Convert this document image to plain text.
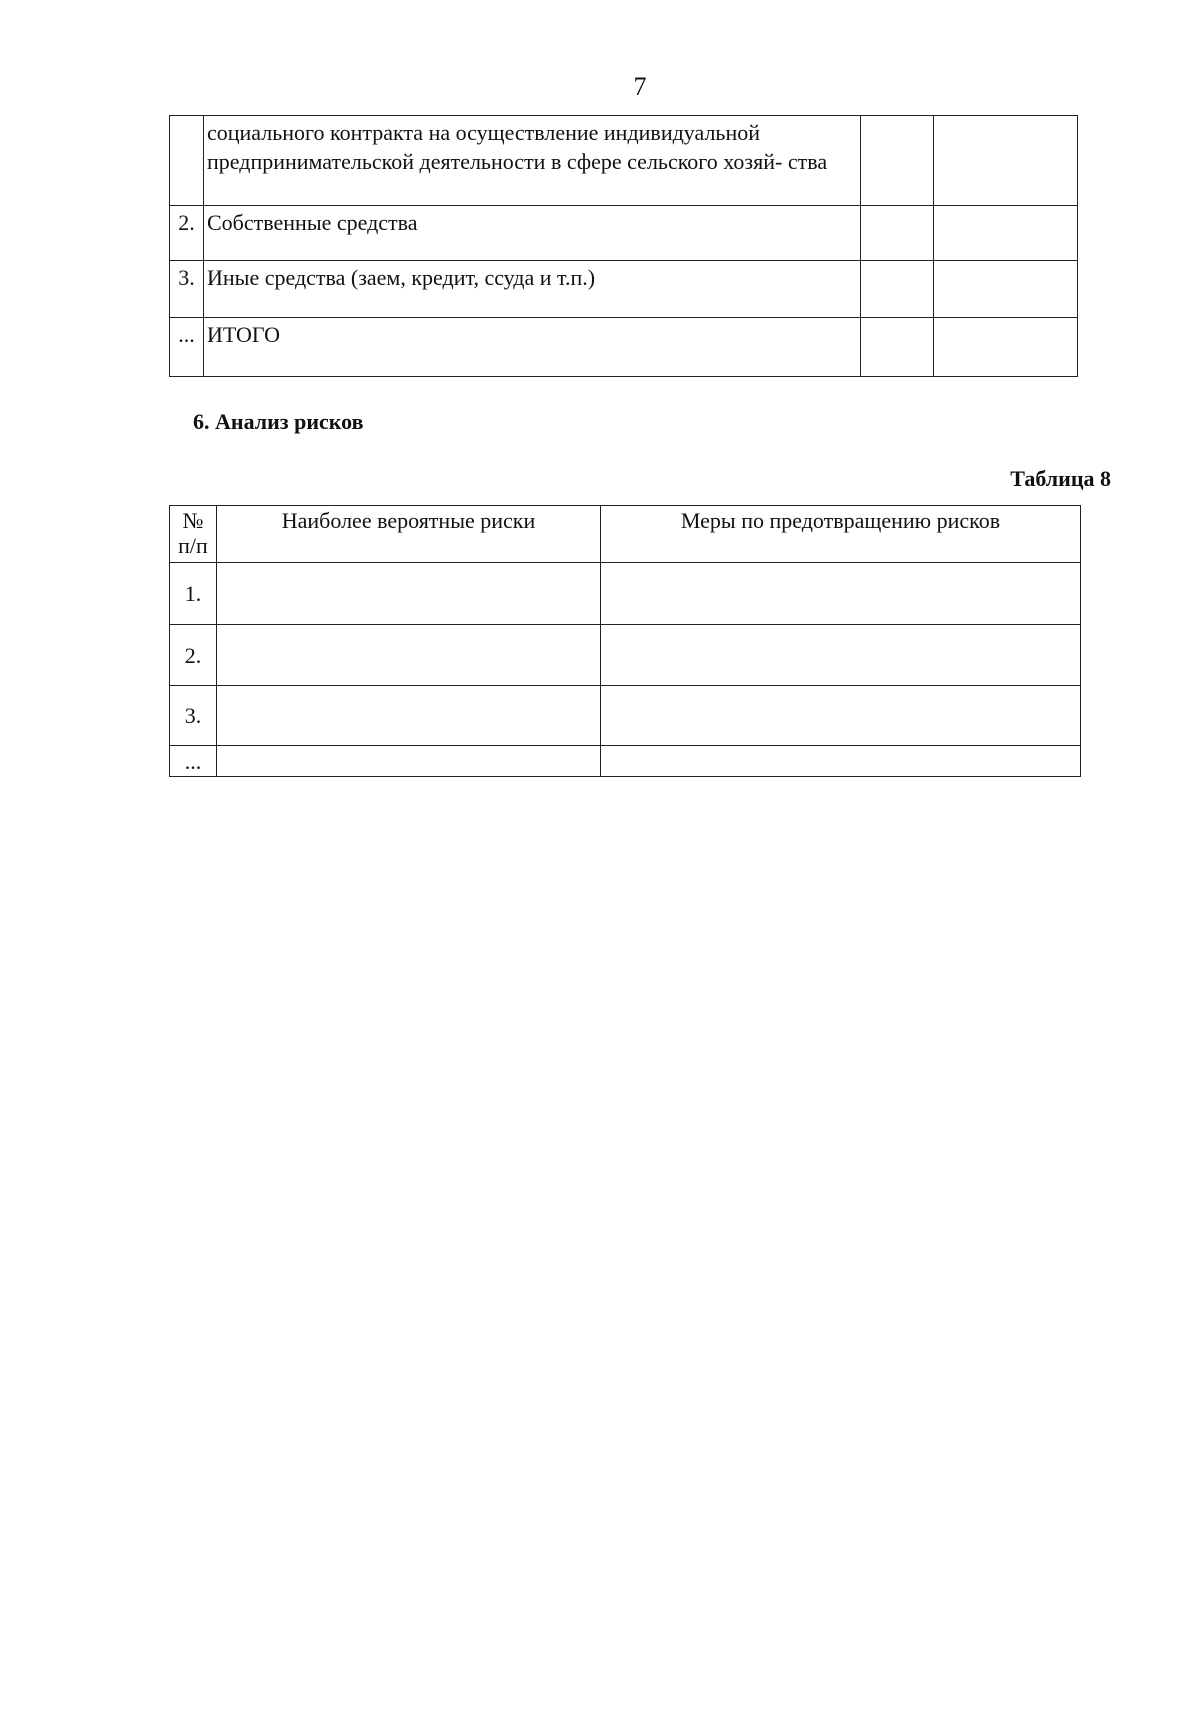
7
	социального контракта на осуществление индивидуальной предпринимательской деятельности в сфере сельского хозяй- ства		
2.	Собственные средства		
3.	Иные средства (заем, кредит, ссуда и т.п.)		
...	ИТОГО		
6. Анализ рисков
Таблица 8
№ п/п	Наиболее вероятные риски	Меры по предотвращению рисков
1.		
2.		
3.		
...		
